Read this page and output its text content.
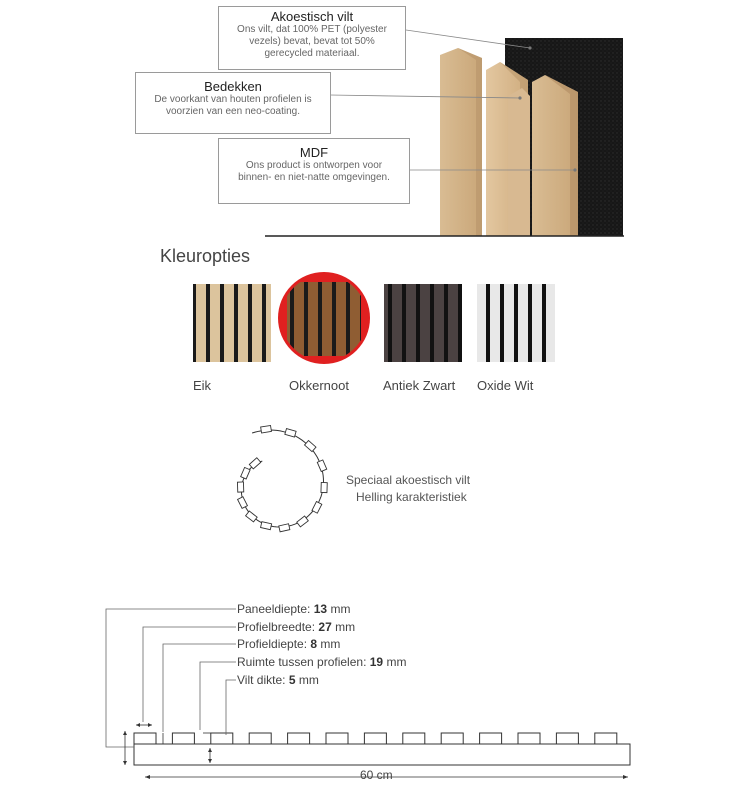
Akoestisch vilt
Ons vilt, dat 100% PET (polyester
vezels) bevat, bevat tot 50%
gerecycled materiaal.
Bedekken
De voorkant van houten profielen is
voorzien van een neo-coating.
MDF
Ons product is ontworpen voor
binnen- en niet-natte omgevingen.
Kleuropties
Eik	Okkernoot	Antiek Zwart Oxide Wit
Speciaal akoestisch vilt
Helling karakteristiek
Paneeldiepte: 13 mm
Profielbreedte: 27 mm
Profieldiepte: 8 mm
Ruimte tussen profielen: 19 mm
Vilt dikte: 5 mm
60 cm
